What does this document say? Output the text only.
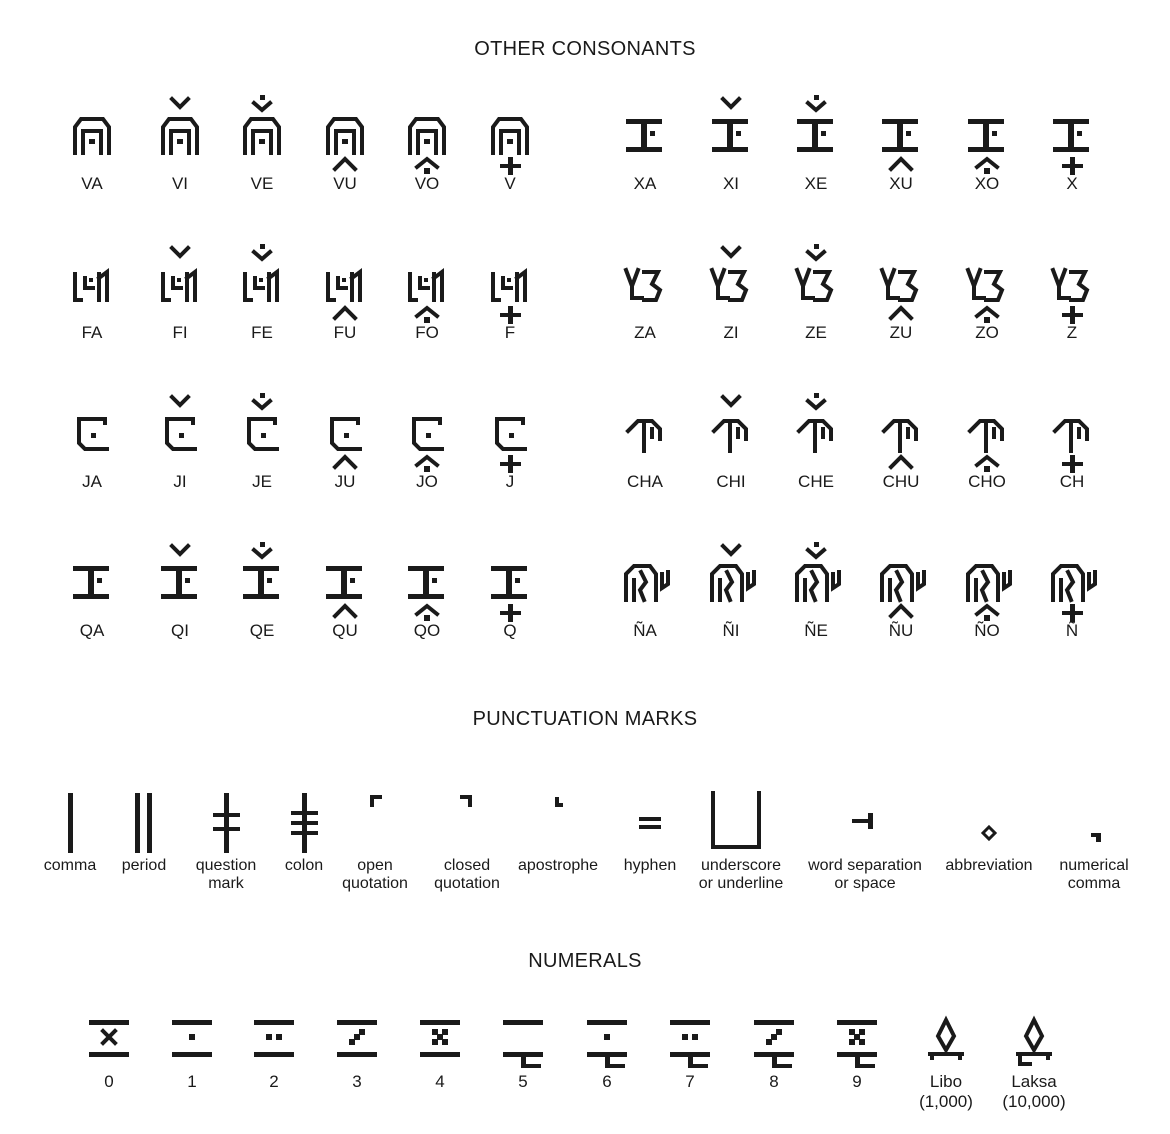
OTHER CONSONANTS
PUNCTUATION MARKS
NUMERALS
VA	VI	VE	VU	VO	V	XA	XI	XE	XU	XO	X
FA	FI	FE	FU	FO	F	ZA	ZI	ZE	ZU	ZO	Z
JA	JI	JE	JU	JO	J	CHA	CHI	CHE	CHU	CHO	CH
QA	QI	QE	QU	QO	Q	ÑA	ÑI	ÑE	ÑU	ÑO	Ñ
comma	period	question
mark
colon	open
quotation
closed
quotation
apostrophe	hyphen	underscore
or underline
word separation
or space
abbreviation	numerical
comma
0	1	2	3	4	5	6	7	8	9	Libo
(1,000)
Laksa
(10,000)
